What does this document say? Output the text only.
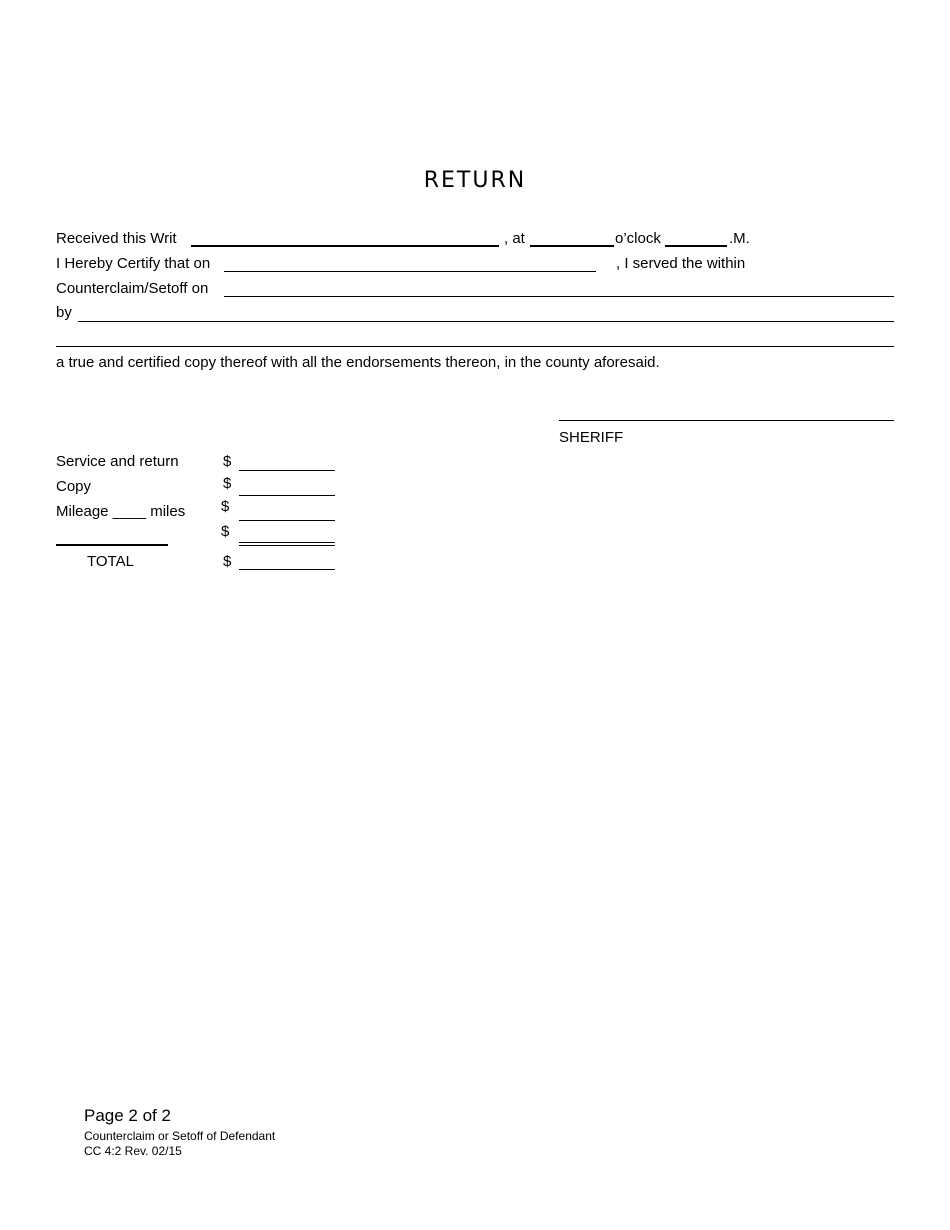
RETURN
Received this Writ	, at	o’clock	.M.
I Hereby Certify that on	, I served the within
Counterclaim/Setoff on
by
a true and certified copy thereof with all the endorsements thereon, in the county aforesaid.
SHERIFF
Service and return	$
Copy	$
Mileage ____ miles $
$
TOTAL	$
Page 2 of 2
Counterclaim or Setoff of Defendant
CC 4:2 Rev. 02/15
